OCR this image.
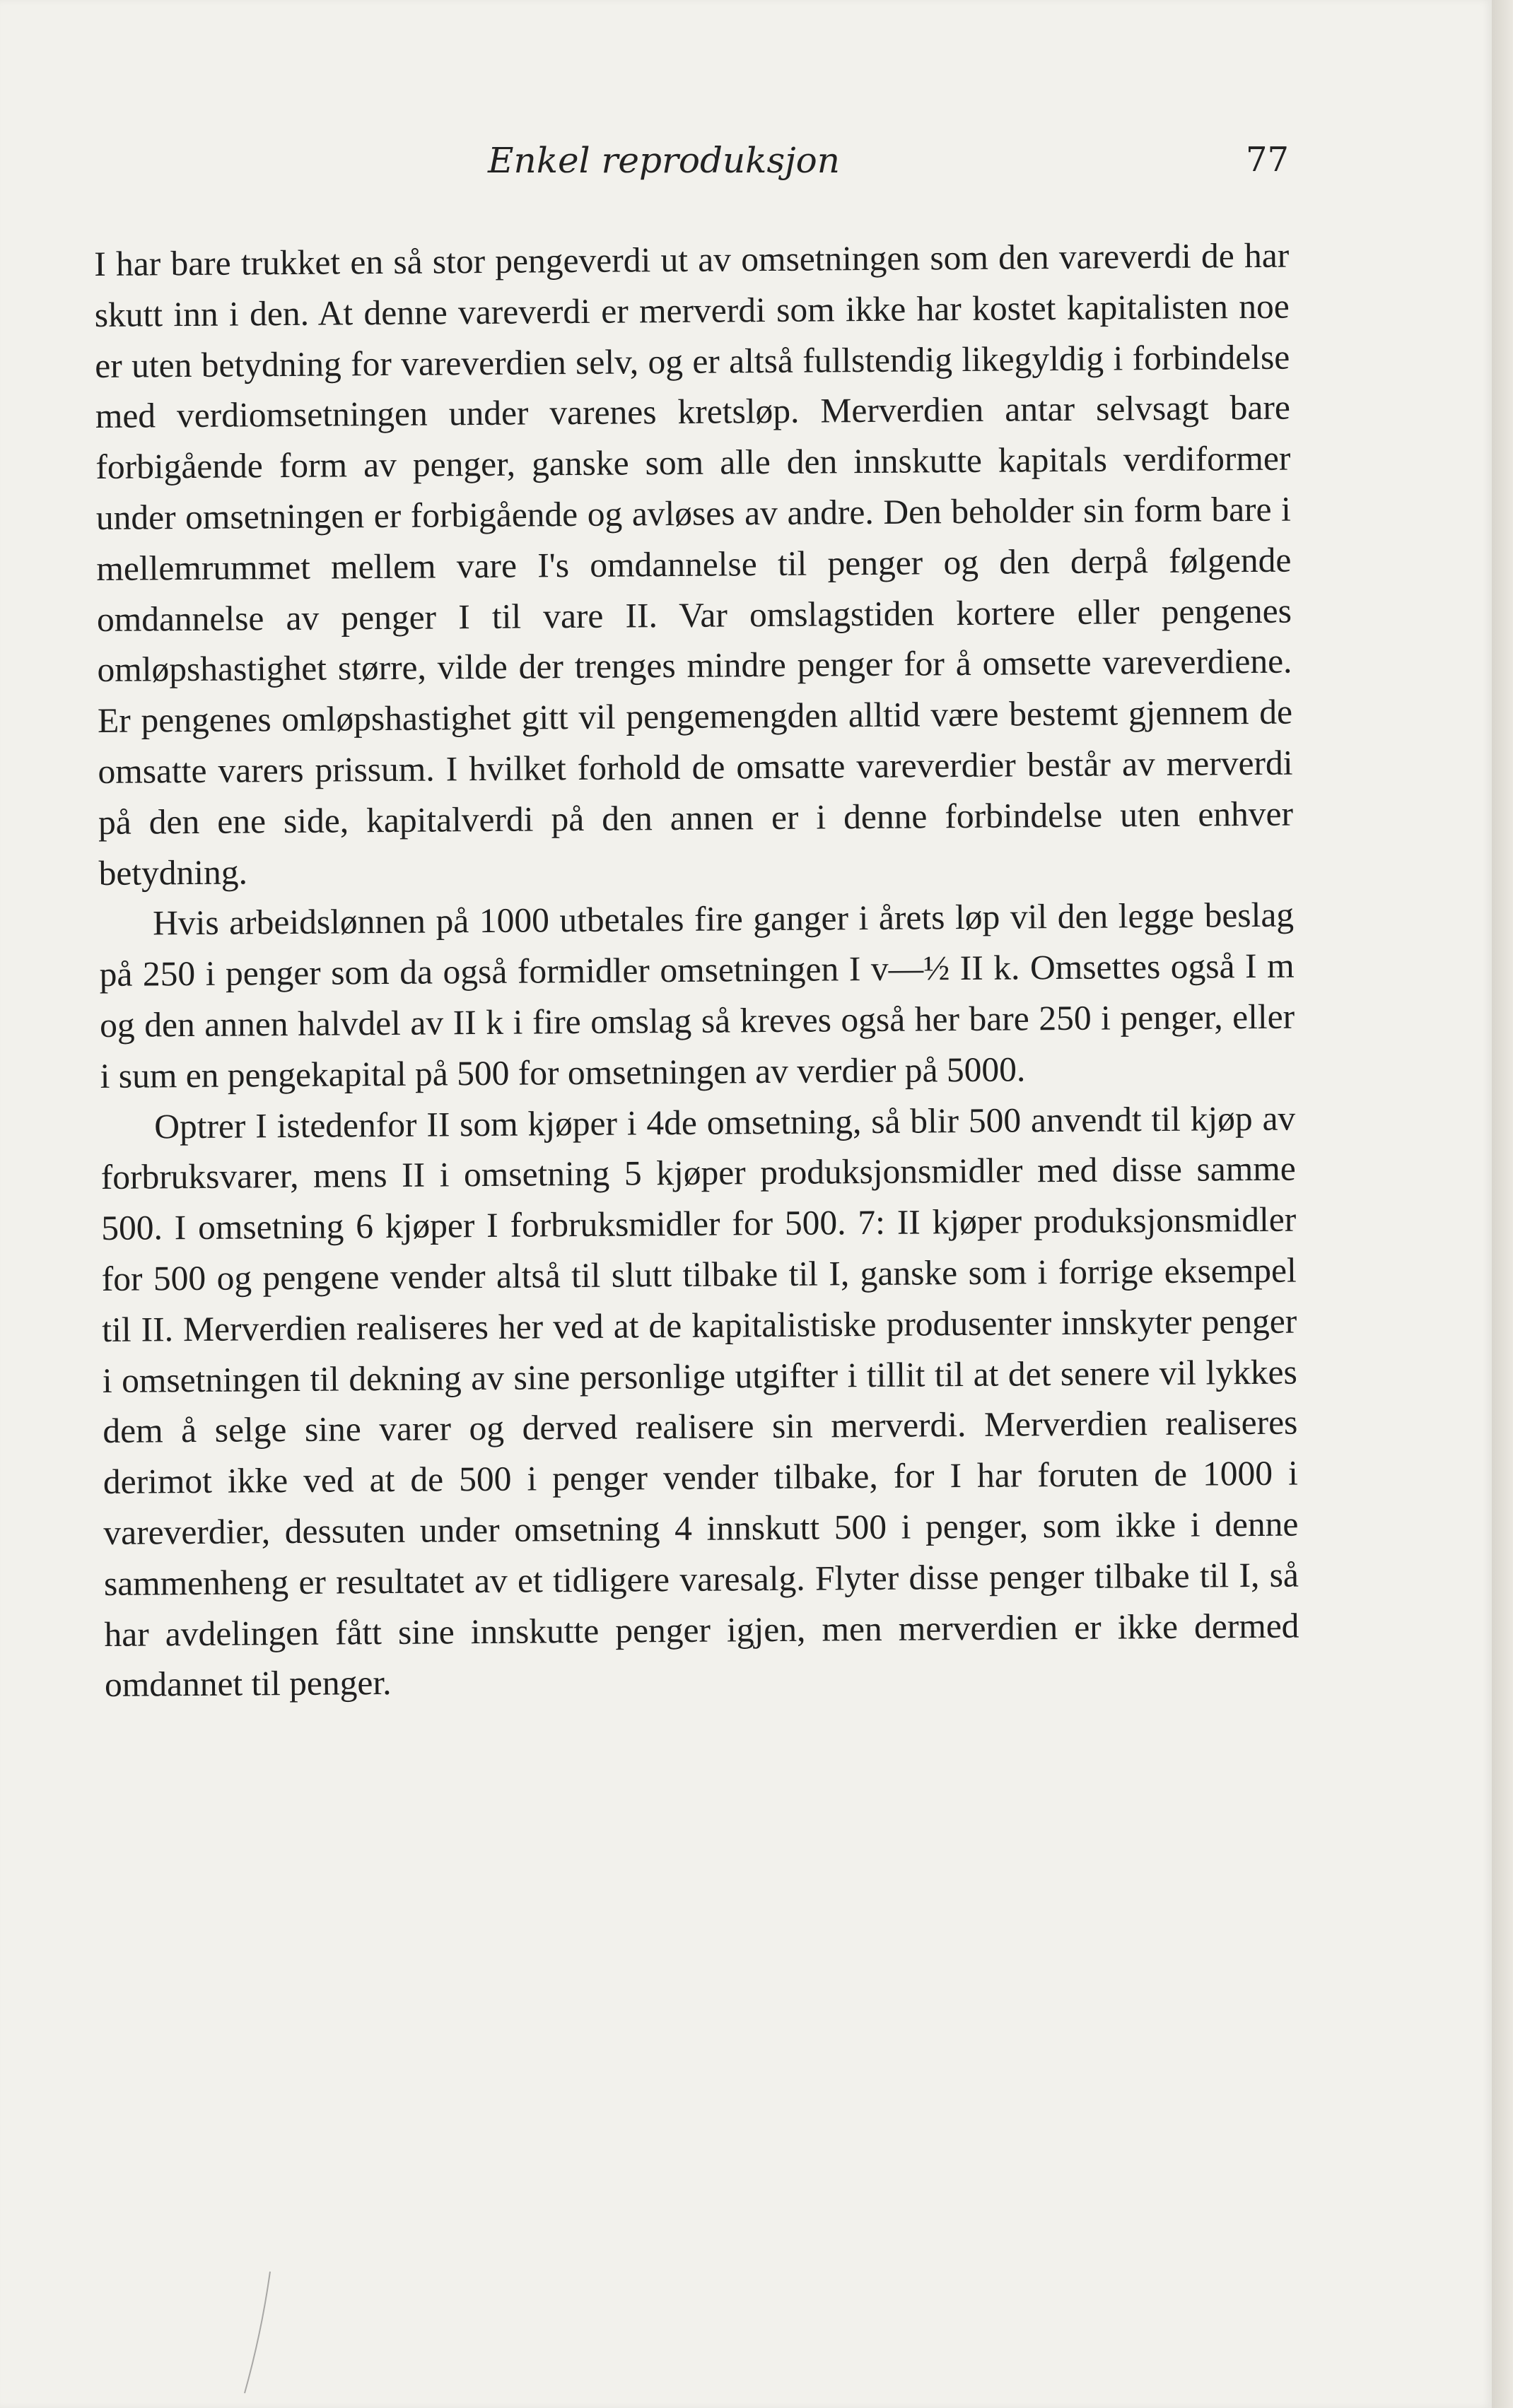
Enkel reproduksjon	77

I har bare trukket en så stor pengeverdi ut av omsetningen som den vareverdi de har skutt inn i den. At denne vareverdi er merverdi som ikke har kostet kapitalisten noe er uten betydning for vareverdien selv, og er altså fullstendig likegyldig i forbindelse med verdiomsetningen under varenes kretsløp. Merverdien antar selvsagt bare forbigående form av penger, ganske som alle den innskutte kapitals verdiformer under omsetningen er forbigående og avløses av andre. Den beholder sin form bare i mellemrummet mellem vare I's omdannelse til penger og den derpå følgende omdannelse av penger I til vare II. Var omslagstiden kortere eller pengenes omløpshastighet større, vilde der trenges mindre penger for å omsette vareverdiene. Er pengenes omløpshastighet gitt vil pengemengden alltid være bestemt gjennem de omsatte varers prissum. I hvilket forhold de omsatte vareverdier består av merverdi på den ene side, kapitalverdi på den annen er i denne forbindelse uten enhver betydning.

Hvis arbeidslønnen på 1000 utbetales fire ganger i årets løp vil den legge beslag på 250 i penger som da også formidler omsetningen I v—½ II k. Omsettes også I m og den annen halvdel av II k i fire omslag så kreves også her bare 250 i penger, eller i sum en pengekapital på 500 for omsetningen av verdier på 5000.

Optrer I istedenfor II som kjøper i 4de omsetning, så blir 500 anvendt til kjøp av forbruksvarer, mens II i omsetning 5 kjøper produksjonsmidler med disse samme 500. I omsetning 6 kjøper I forbruksmidler for 500. 7: II kjøper produksjonsmidler for 500 og pengene vender altså til slutt tilbake til I, ganske som i forrige eksempel til II. Merverdien realiseres her ved at de kapitalistiske produsenter innskyter penger i omsetningen til dekning av sine personlige utgifter i tillit til at det senere vil lykkes dem å selge sine varer og derved realisere sin merverdi. Merverdien realiseres derimot ikke ved at de 500 i penger vender tilbake, for I har foruten de 1000 i vareverdier, dessuten under omsetning 4 innskutt 500 i penger, som ikke i denne sammenheng er resultatet av et tidligere varesalg. Flyter disse penger tilbake til I, så har avdelingen fått sine innskutte penger igjen, men merverdien er ikke dermed omdannet til penger.
